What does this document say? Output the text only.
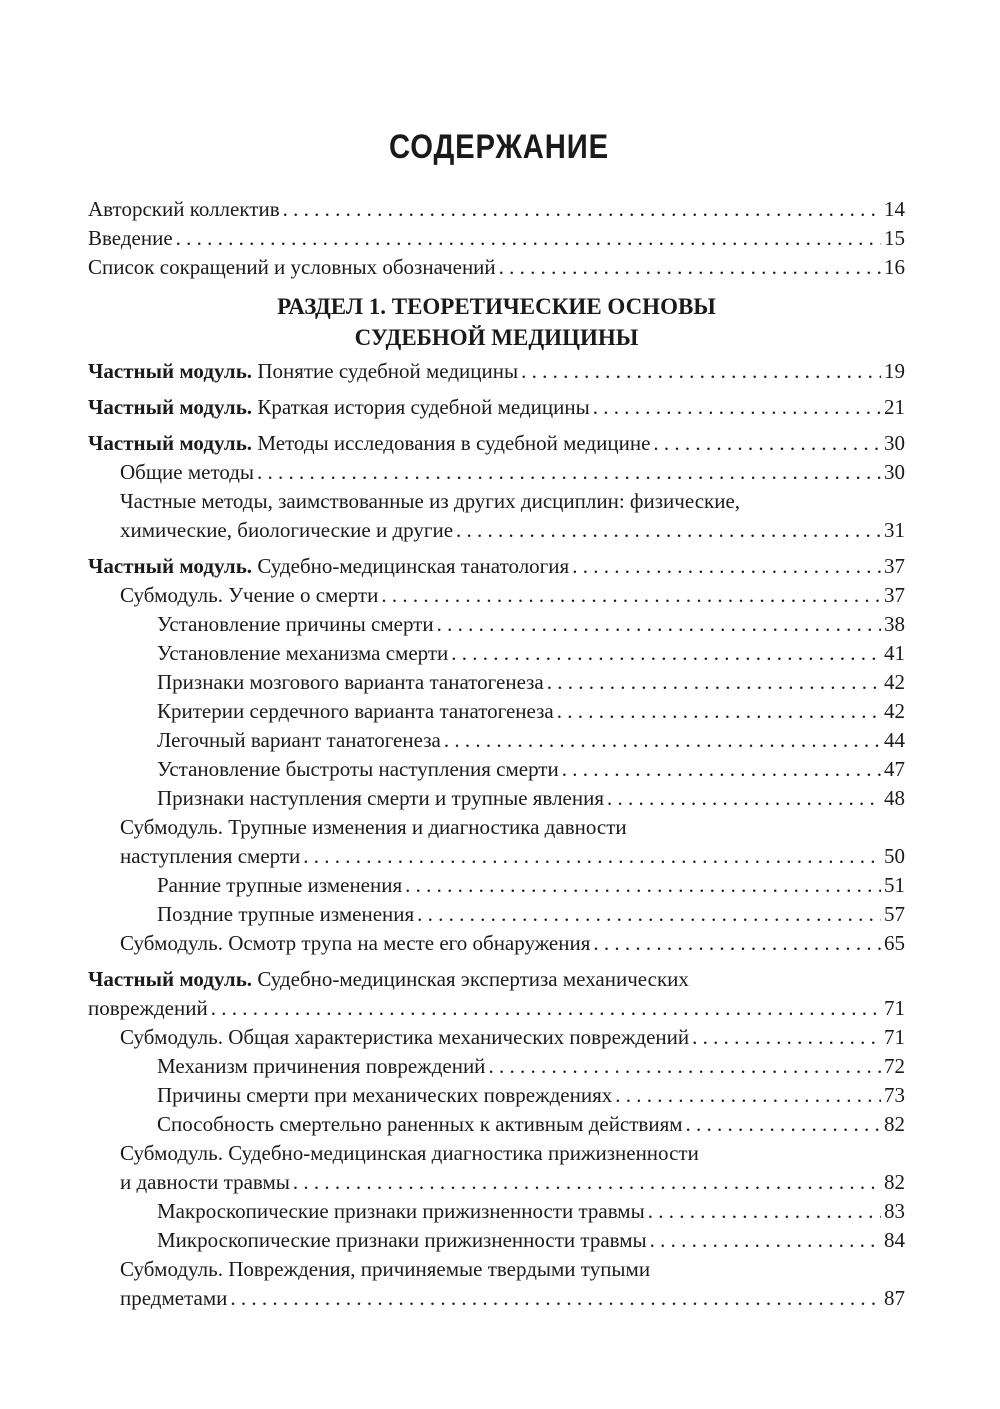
СОДЕРЖАНИЕ
Авторский коллектив . . .	14
Введение . . .	15
Список сокращений и условных обозначений . . .	16
РАЗДЕЛ 1. ТЕОРЕТИЧЕСКИЕ ОСНОВЫ
СУДЕБНОЙ МЕДИЦИНЫ
Частный модуль. Понятие судебной медицины . . .	19
Частный модуль. Краткая история судебной медицины . . .	21
Частный модуль. Методы исследования в судебной медицине . . .	30
Общие методы . . .	30
Частные методы, заимствованные из других дисциплин: физические,
химические, биологические и другие . . .	31
Частный модуль. Судебно-медицинская танатология . . .	37
Субмодуль. Учение о смерти . . .	37
Установление причины смерти . . .	38
Установление механизма смерти . . .	41
Признаки мозгового варианта танатогенеза . . .	42
Критерии сердечного варианта танатогенеза . . .	42
Легочный вариант танатогенеза . . .	44
Установление быстроты наступления смерти . . .	47
Признаки наступления смерти и трупные явления . . .	48
Субмодуль. Трупные изменения и диагностика давности
наступления смерти . . .	50
Ранние трупные изменения . . .	51
Поздние трупные изменения . . .	57
Субмодуль. Осмотр трупа на месте его обнаружения . . .	65
Частный модуль. Судебно-медицинская экспертиза механических
повреждений . . .	71
Субмодуль. Общая характеристика механических повреждений . . .	71
Механизм причинения повреждений . . .	72
Причины смерти при механических повреждениях . . .	73
Способность смертельно раненных к активным действиям . . .	82
Субмодуль. Судебно-медицинская диагностика прижизненности
и давности травмы . . .	82
Макроскопические признаки прижизненности травмы . . .	83
Микроскопические признаки прижизненности травмы . . .	84
Субмодуль. Повреждения, причиняемые твердыми тупыми
предметами . . .	87
